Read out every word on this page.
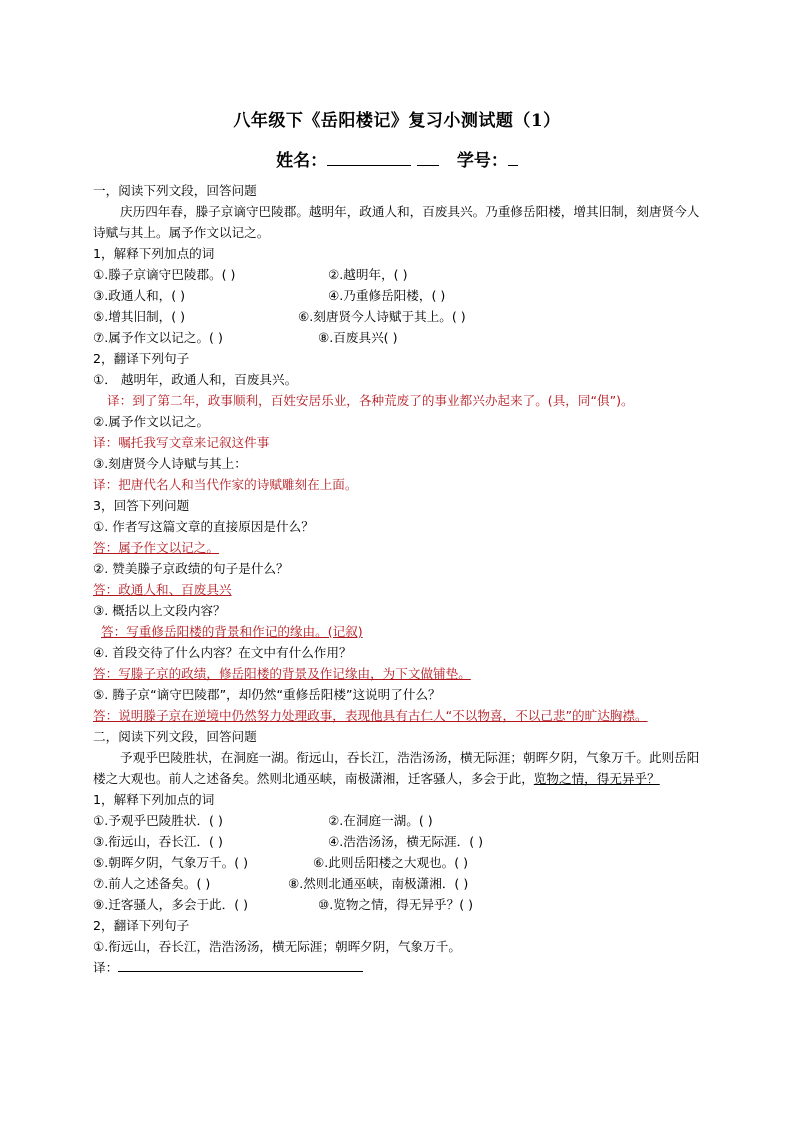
八年级下《岳阳楼记》复习小测试题（1）
姓名：	学号：
一，阅读下列文段，回答问题
庆历四年春，滕子京谪守巴陵郡。越明年，政通人和，百废具兴。乃重修岳阳楼，增其旧制，刻唐贤今人诗赋与其上。属予作文以记之。
1，解释下列加点的词
①.滕子京谪守巴陵郡。( )	②.越明年，( )
③.政通人和，( )	④.乃重修岳阳楼，( )
⑤.增其旧制，( )	⑥.刻唐贤今人诗赋于其上。( )
⑦.属予作文以记之。( )	⑧.百废具兴( )
2，翻译下列句子
①． 越明年，政通人和，百废具兴。
译：到了第二年，政事顺利，百姓安居乐业，各种荒废了的事业都兴办起来了。(具，同“俱”)。
②.属予作文以记之。
译：嘱托我写文章来记叙这件事
③.刻唐贤今人诗赋与其上：
译：把唐代名人和当代作家的诗赋雕刻在上面。
3，回答下列问题
①. 作者写这篇文章的直接原因是什么？
答：属予作文以记之。
②. 赞美滕子京政绩的句子是什么？
答：政通人和、百废具兴
③. 概括以上文段内容？
答：写重修岳阳楼的背景和作记的缘由。(记叙)
④. 首段交待了什么内容？在文中有什么作用？
答：写滕子京的政绩，修岳阳楼的背景及作记缘由，为下文做铺垫。
⑤. 腾子京“谪守巴陵郡”，却仍然“重修岳阳楼”这说明了什么？
答：说明滕子京在逆境中仍然努力处理政事，表现他具有古仁人“不以物喜，不以己悲”的旷达胸襟。
二，阅读下列文段，回答问题
予观乎巴陵胜状，在洞庭一湖。衔远山，吞长江，浩浩汤汤，横无际涯；朝晖夕阴，气象万千。此则岳阳楼之大观也。前人之述备矣。然则北通巫峡，南极潇湘，迁客骚人，多会于此，览物之情，得无异乎？
1，解释下列加点的词
①.予观乎巴陵胜状．( )	②.在洞庭一湖。( )
③.衔远山，吞长江．( )	④.浩浩汤汤，横无际涯．( )
⑤.朝晖夕阴，气象万千。( )	⑥.此则岳阳楼之大观也。( )
⑦.前人之述备矣。( )	⑧.然则北通巫峡，南极潇湘．( )
⑨.迁客骚人，多会于此．( )	⑩.览物之情，得无异乎？( )
2，翻译下列句子
①.衔远山，吞长江，浩浩汤汤，横无际涯；朝晖夕阴，气象万千。
译：
